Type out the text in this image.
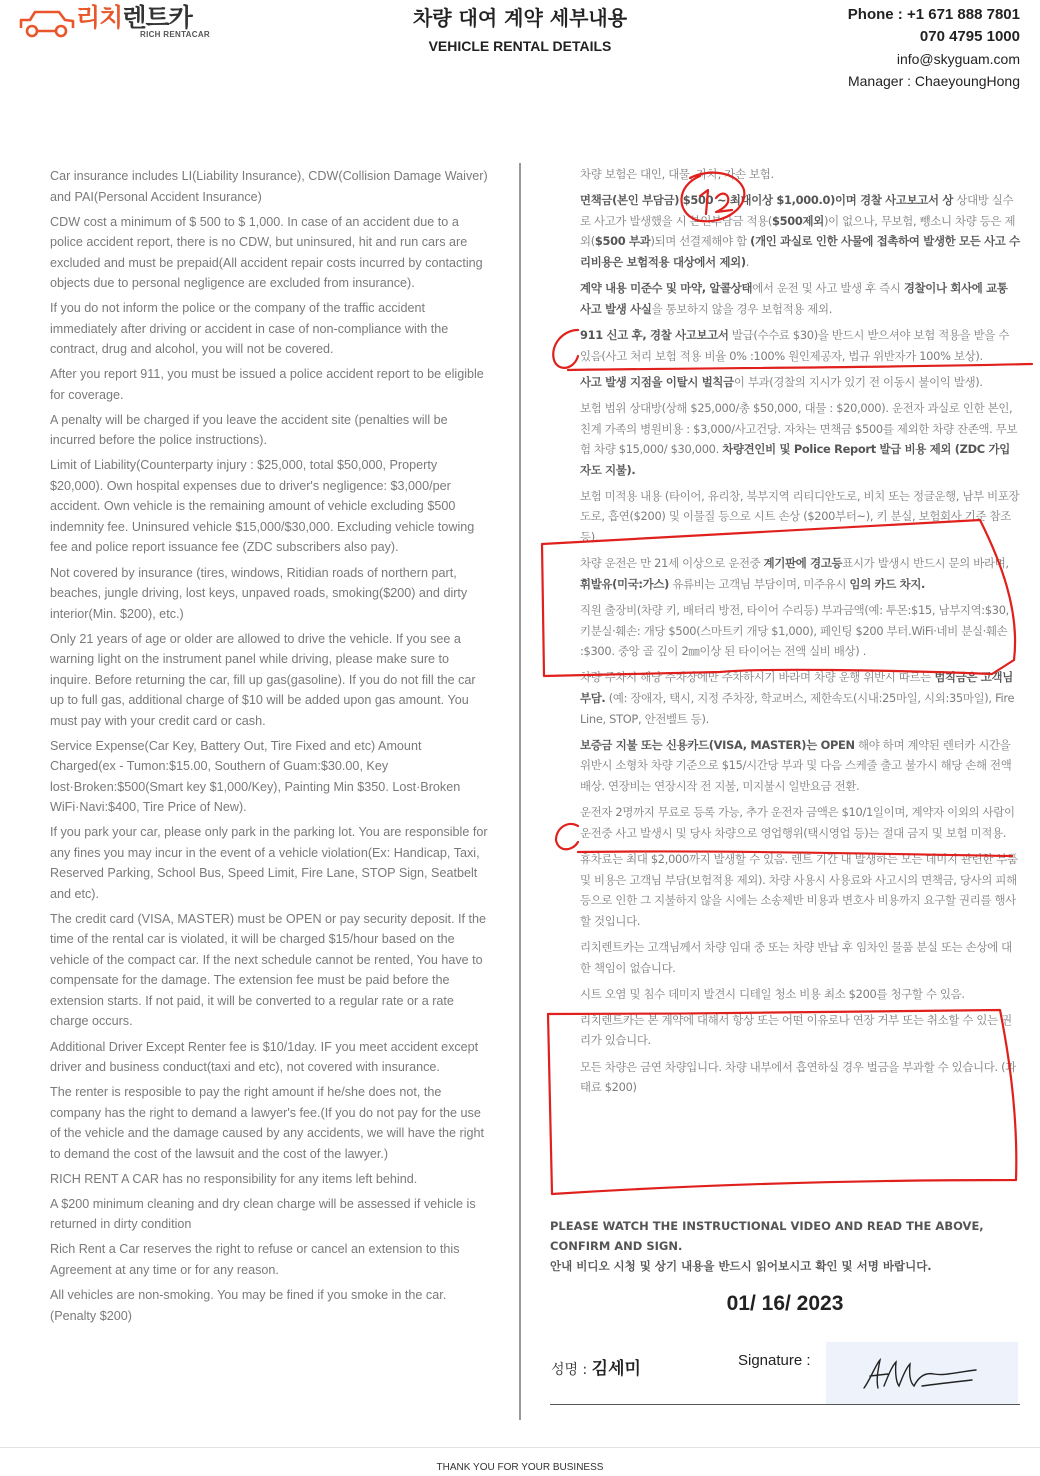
리치렌트카
RICH RENTACAR
차량 대여 계약 세부내용
VEHICLE RENTAL DETAILS
Phone : +1 671 888 7801
070 4795 1000
info@skyguam.com
Manager : ChaeyoungHong

Car insurance includes LI(Liability Insurance), CDW(Collision Damage Waiver) and PAI(Personal Accident Insurance)

CDW cost a minimum of $ 500 to $ 1,000. In case of an accident due to a police accident report, there is no CDW, but uninsured, hit and run cars are excluded and must be prepaid(All accident repair costs incurred by contacting objects due to personal negligence are excluded from insurance).

If you do not inform the police or the company of the traffic accident immediately after driving or accident in case of non-compliance with the contract, drug and alcohol, you will not be covered.

After you report 911, you must be issued a police accident report to be eligible for coverage.

A penalty will be charged if you leave the accident site (penalties will be incurred before the police instructions).

Limit of Liability(Counterparty injury : $25,000, total $50,000, Property $20,000). Own hospital expenses due to driver's negligence: $3,000/per accident. Own vehicle is the remaining amount of vehicle excluding $500 indemnity fee. Uninsured vehicle $15,000/$30,000. Excluding vehicle towing fee and police report issuance fee (ZDC subscribers also pay).

Not covered by insurance (tires, windows, Ritidian roads of northern part, beaches, jungle driving, lost keys, unpaved roads, smoking($200) and dirty interior(Min. $200), etc.)

Only 21 years of age or older are allowed to drive the vehicle. If you see a warning light on the instrument panel while driving, please make sure to inquire. Before returning the car, fill up gas(gasoline). If you do not fill the car up to full gas, additional charge of $10 will be added upon gas amount. You must pay with your credit card or cash.

Service Expense(Car Key, Battery Out, Tire Fixed and etc) Amount Charged(ex - Tumon:$15.00, Southern of Guam:$30.00, Key lost·Broken:$500(Smart key $1,000/Key), Painting Min $350. Lost·Broken WiFi·Navi:$400, Tire Price of New).

If you park your car, please only park in the parking lot. You are responsible for any fines you may incur in the event of a vehicle violation(Ex: Handicap, Taxi, Reserved Parking, School Bus, Speed Limit, Fire Lane, STOP Sign, Seatbelt and etc).

The credit card (VISA, MASTER) must be OPEN or pay security deposit. If the time of the rental car is violated, it will be charged $15/hour based on the vehicle of the compact car. If the next schedule cannot be rented, You have to compensate for the damage. The extension fee must be paid before the extension starts. If not paid, it will be converted to a regular rate or a rate charge occurs.

Additional Driver Except Renter fee is $10/1day. IF you meet accident except driver and business conduct(taxi and etc), not covered with insurance.

The renter is resposible to pay the right amount if he/she does not, the company has the right to demand a lawyer's fee.(If you do not pay for the use of the vehicle and the damage caused by any accidents, we will have the right to demand the cost of the lawsuit and the cost of the lawyer.)

RICH RENT A CAR has no responsibility for any items left behind.

A $200 minimum cleaning and dry clean charge will be assessed if vehicle is returned in dirty condition

Rich Rent a Car reserves the right to refuse or cancel an extension to this Agreement at any time or for any reason.

All vehicles are non-smoking. You may be fined if you smoke in the car. (Penalty $200)

차량 보험은 대인, 대물, 자차, 자손 보험.

면책금(본인 부담금) $500 ~ 최대이상 $1,000.0)이며 경찰 사고보고서 상 상대방 실수로 사고가 발생했을 시 본인부담금 적용($500제외)이 없으나, 무보험, 뺑소니 차량 등은 제외($500 부과)되며 선결제해야 함 (개인 과실로 인한 사물에 접촉하여 발생한 모든 사고 수리비용은 보험적용 대상에서 제외).

계약 내용 미준수 및 마약, 알콜상태에서 운전 및 사고 발생 후 즉시 경찰이나 회사에 교통 사고 발생 사실을 통보하지 않을 경우 보험적용 제외.

911 신고 후, 경찰 사고보고서 발급(수수료 $30)을 반드시 받으셔야 보험 적용을 받을 수 있음(사고 처리 보험 적용 비율 0% :100% 원인제공자, 법규 위반자가 100% 보상).

사고 발생 지점을 이탈시 벌칙금이 부과(경찰의 지시가 있기 전 이동시 불이익 발생).

보험 범위 상대방(상해 $25,000/총 $50,000, 대물 : $20,000). 운전자 과실로 인한 본인, 친계 가족의 병원비용 : $3,000/사고건당. 자차는 면책금 $500를 제외한 차량 잔존액. 무보험 차량 $15,000/ $30,000. 차량견인비 및 Police Report 발급 비용 제외 (ZDC 가입자도 지불).

보험 미적용 내용 (타이어, 유리창, 북부지역 리티디안도로, 비치 또는 정글운행, 남부 비포장도로, 흡연($200) 및 이물질 등으로 시트 손상 ($200부터~), 키 분실, 보험회사 기준 참조 등).

차량 운전은 만 21세 이상으로 운전중 계기판에 경고등표시가 발생시 반드시 문의 바라며, 휘발유(미국:가스) 유류비는 고객님 부담이며, 미주유시 임의 카드 차지.

직원 출장비(차량 키, 배터리 방전, 타이어 수리등) 부과금액(예: 투몬:$15, 남부지역:$30, 키분실·훼손: 개당 $500(스마트키 개당 $1,000), 페인팅 $200 부터.WiFi·네비 분실·훼손 :$300. 중앙 골 깊이 2㎜이상 된 타이어는 전액 실비 배상) .

차량 주차시 해당 주차장에만 주차하시기 바라며 차량 운행 위반시 따르는 범칙금은 고객님 부담. (예: 장애자, 택시, 지정 주차장, 학교버스, 제한속도(시내:25마일, 시외:35마일), Fire Line, STOP, 안전벨트 등).

보증금 지불 또는 신용카드(VISA, MASTER)는 OPEN 해야 하며 계약된 렌터카 시간을 위반시 소형차 차량 기준으로 $15/시간당 부과 및 다음 스케줄 출고 불가시 해당 손해 전액 배상. 연장비는 연장시작 전 지불, 미지불시 일반요금 전환.

운전자 2명까지 무료로 등록 가능, 추가 운전자 금액은 $10/1일이며, 계약자 이외의 사람이 운전중 사고 발생시 및 당사 차량으로 영업행위(택시영업 등)는 절대 금지 및 보험 미적용.

휴차료는 최대 $2,000까지 발생할 수 있음. 렌트 기간 내 발생하는 모든 데미지 관련한 부품 및 비용은 고객님 부담(보험적용 제외). 차량 사용시 사용료와 사고시의 면책금, 당사의 피해 등으로 인한 그 지불하지 않을 시에는 소송제반 비용과 변호사 비용까지 요구할 권리를 행사할 것입니다.

리치렌트카는 고객님께서 차량 임대 중 또는 차량 반납 후 임차인 물품 분실 또는 손상에 대한 책임이 없습니다.

시트 오염 및 침수 데미지 발견시 디테일 청소 비용 최소 $200를 청구할 수 있음.

리치렌트카는 본 계약에 대해서 항상 또는 어떤 이유로나 연장 거부 또는 취소할 수 있는 권리가 있습니다.

모든 차량은 금연 차량입니다. 차량 내부에서 흡연하실 경우 벌금을 부과할 수 있습니다. (과태료 $200)

PLEASE WATCH THE INSTRUCTIONAL VIDEO AND READ THE ABOVE, CONFIRM AND SIGN.
안내 비디오 시청 및 상기 내용을 반드시 읽어보시고 확인 및 서명 바랍니다.
01/ 16/ 2023
성명 : 김세미	Signature :
THANK YOU FOR YOUR BUSINESS
